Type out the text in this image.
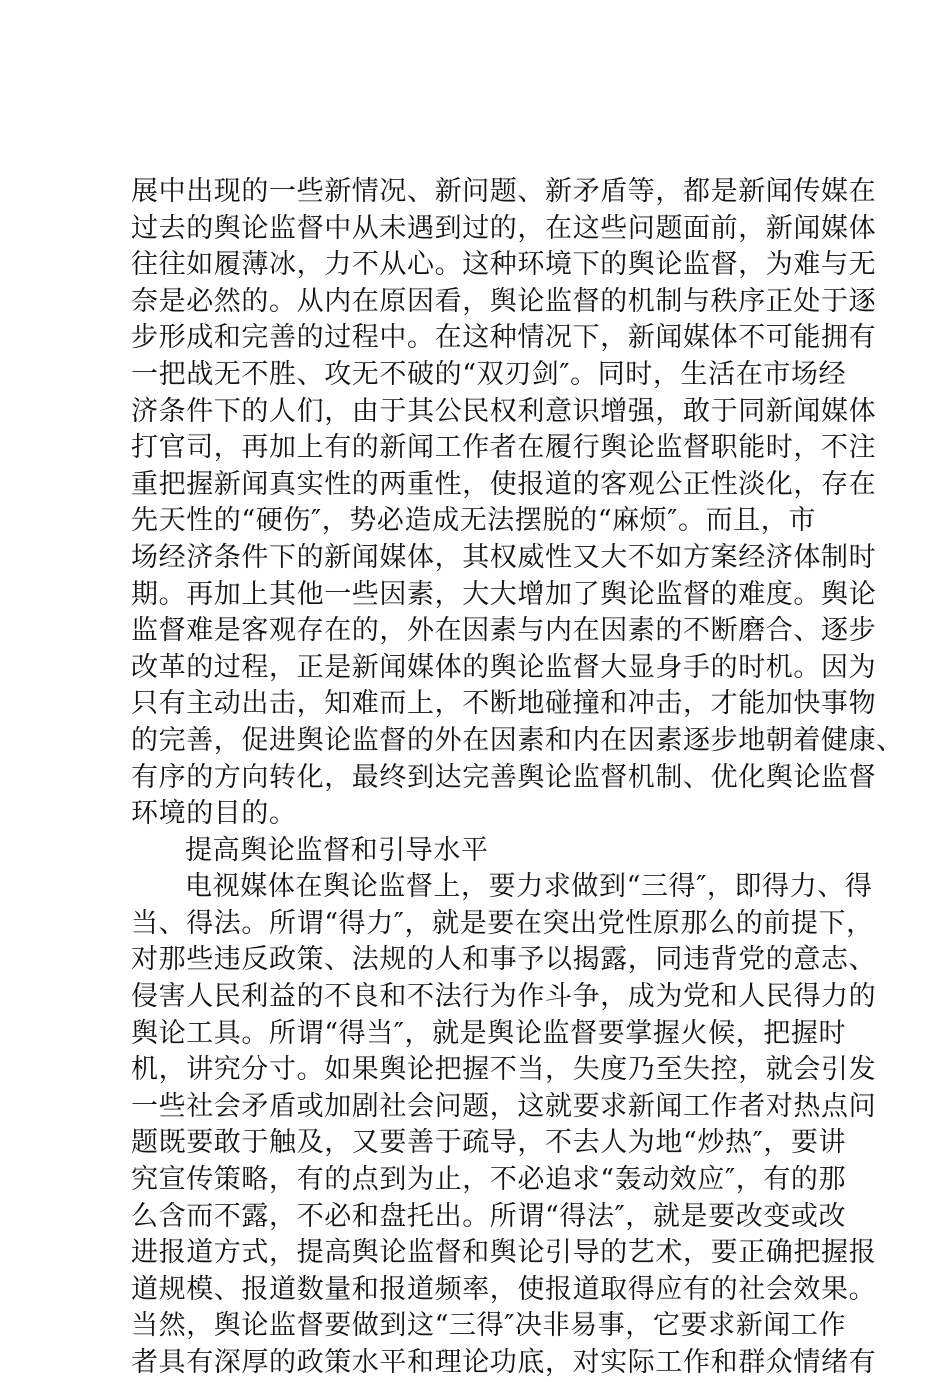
展中出现的一些新情况、新问题、新矛盾等，都是新闻传媒在
过去的舆论监督中从未遇到过的，在这些问题面前，新闻媒体
往往如履薄冰，力不从心。这种环境下的舆论监督，为难与无
奈是必然的。从内在原因看，舆论监督的机制与秩序正处于逐
步形成和完善的过程中。在这种情况下，新闻媒体不可能拥有
一把战无不胜、攻无不破的“双刃剑″。同时，生活在市场经
济条件下的人们，由于其公民权利意识增强，敢于同新闻媒体
打官司，再加上有的新闻工作者在履行舆论监督职能时，不注
重把握新闻真实性的两重性，使报道的客观公正性淡化，存在
先天性的“硬伤″，势必造成无法摆脱的“麻烦″。而且，市
场经济条件下的新闻媒体，其权威性又大不如方案经济体制时
期。再加上其他一些因素，大大增加了舆论监督的难度。舆论
监督难是客观存在的，外在因素与内在因素的不断磨合、逐步
改革的过程，正是新闻媒体的舆论监督大显身手的时机。因为
只有主动出击，知难而上，不断地碰撞和冲击，才能加快事物
的完善，促进舆论监督的外在因素和内在因素逐步地朝着健康、
有序的方向转化，最终到达完善舆论监督机制、优化舆论监督
环境的目的。
提高舆论监督和引导水平
电视媒体在舆论监督上，要力求做到“三得″，即得力、得
当、得法。所谓“得力″，就是要在突出党性原那么的前提下，
对那些违反政策、法规的人和事予以揭露，同违背党的意志、
侵害人民利益的不良和不法行为作斗争，成为党和人民得力的
舆论工具。所谓“得当″，就是舆论监督要掌握火候，把握时
机，讲究分寸。如果舆论把握不当，失度乃至失控，就会引发
一些社会矛盾或加剧社会问题，这就要求新闻工作者对热点问
题既要敢于触及，又要善于疏导，不去人为地“炒热″，要讲
究宣传策略，有的点到为止，不必追求“轰动效应″，有的那
么含而不露，不必和盘托出。所谓“得法″，就是要改变或改
进报道方式，提高舆论监督和舆论引导的艺术，要正确把握报
道规模、报道数量和报道频率，使报道取得应有的社会效果。
当然，舆论监督要做到这“三得″决非易事，它要求新闻工作
者具有深厚的政策水平和理论功底，对实际工作和群众情绪有
